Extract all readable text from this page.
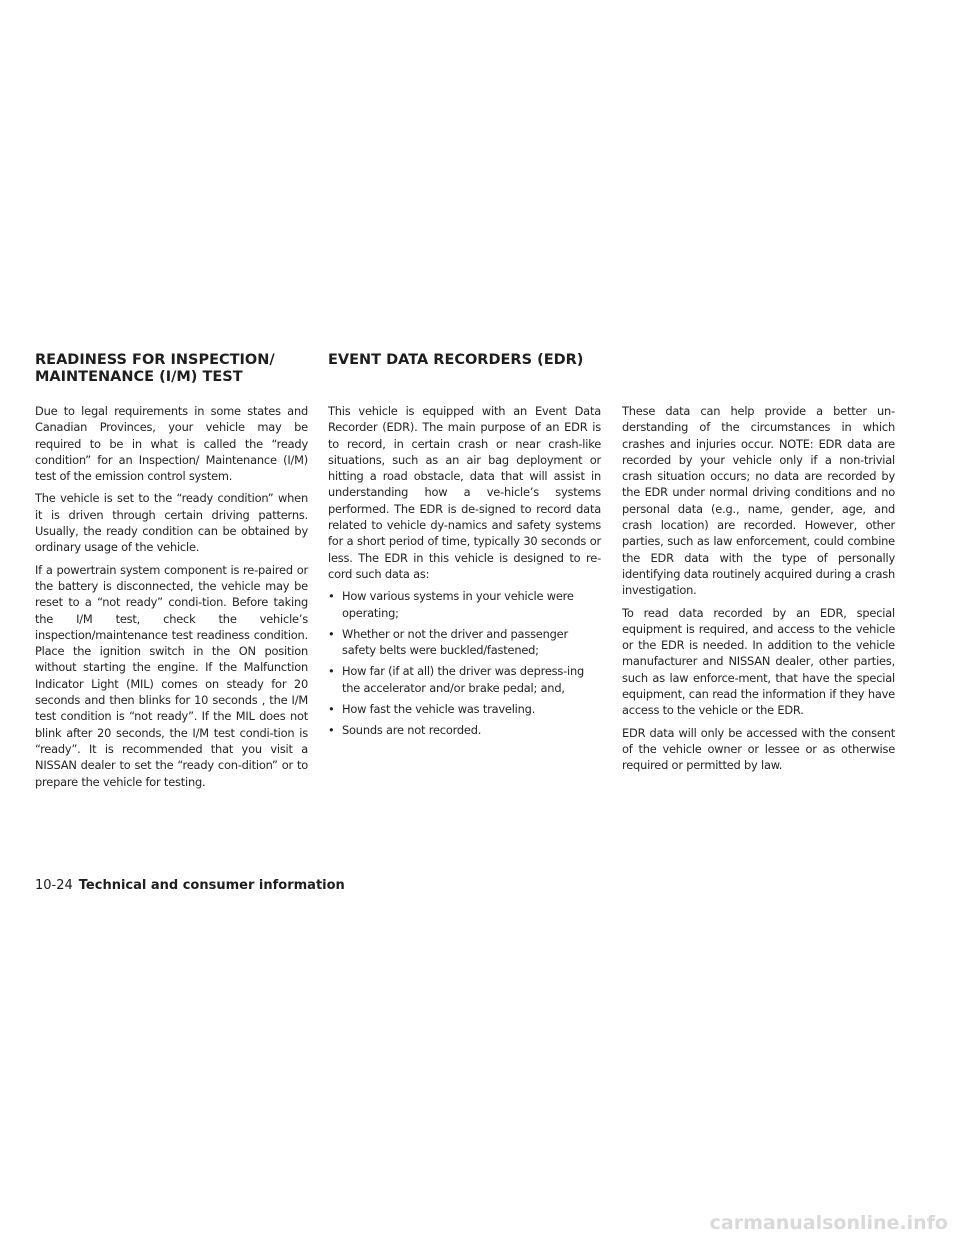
READINESS FOR INSPECTION/ MAINTENANCE (I/M) TEST
EVENT DATA RECORDERS (EDR)

Due to legal requirements in some states and Canadian Provinces, your vehicle may be required to be in what is called the “ready condition” for an Inspection/ Maintenance (I/M) test of the emission control system.

The vehicle is set to the “ready condition” when it is driven through certain driving patterns. Usually, the ready condition can be obtained by ordinary usage of the vehicle.

If a powertrain system component is re-paired or the battery is disconnected, the vehicle may be reset to a “not ready” condi-tion. Before taking the I/M test, check the vehicle’s inspection/maintenance test readiness condition. Place the ignition switch in the ON position without starting the engine. If the Malfunction Indicator Light (MIL) comes on steady for 20 seconds and then blinks for 10 seconds , the I/M test condition is “not ready”. If the MIL does not blink after 20 seconds, the I/M test condi-tion is “ready”. It is recommended that you visit a NISSAN dealer to set the “ready con-dition” or to prepare the vehicle for testing.

This vehicle is equipped with an Event Data Recorder (EDR). The main purpose of an EDR is to record, in certain crash or near crash-like situations, such as an air bag deployment or hitting a road obstacle, data that will assist in understanding how a ve-hicle’s systems performed. The EDR is de-signed to record data related to vehicle dy-namics and safety systems for a short period of time, typically 30 seconds or less. The EDR in this vehicle is designed to re-cord such data as:

• How various systems in your vehicle were operating;
• Whether or not the driver and passenger safety belts were buckled/fastened;
• How far (if at all) the driver was depress-ing the accelerator and/or brake pedal; and,
• How fast the vehicle was traveling.
• Sounds are not recorded.

These data can help provide a better un-derstanding of the circumstances in which crashes and injuries occur. NOTE: EDR data are recorded by your vehicle only if a non-trivial crash situation occurs; no data are recorded by the EDR under normal driving conditions and no personal data (e.g., name, gender, age, and crash location) are recorded. However, other parties, such as law enforcement, could combine the EDR data with the type of personally identifying data routinely acquired during a crash investigation.

To read data recorded by an EDR, special equipment is required, and access to the vehicle or the EDR is needed. In addition to the vehicle manufacturer and NISSAN dealer, other parties, such as law enforce-ment, that have the special equipment, can read the information if they have access to the vehicle or the EDR.

EDR data will only be accessed with the consent of the vehicle owner or lessee or as otherwise required or permitted by law.

10-24 Technical and consumer information
carmanualsonline.info
